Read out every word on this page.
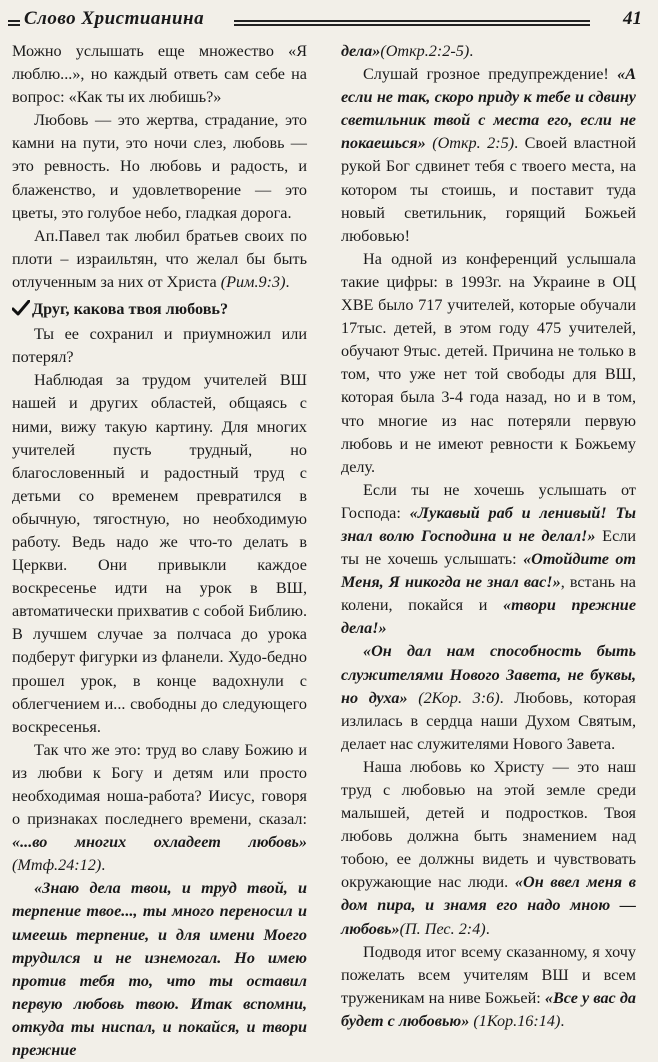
Слово Христианина	41

Можно услышать еще множество «Я люблю...», но каждый ответь сам себе на вопрос: «Как ты их любишь?»

Любовь — это жертва, страдание, это камни на пути, это ночи слез, любовь — это ревность. Но любовь и радость, и блаженство, и удовлетворение — это цветы, это голубое небо, гладкая дорога.

Ап.Павел так любил братьев своих по плоти – израильтян, что желал бы быть отлученным за них от Христа (Рим.9:3).

Друг, какова твоя любовь?

Ты ее сохранил и приумножил или потерял?

Наблюдая за трудом учителей ВШ нашей и других областей, общаясь с ними, вижу такую картину. Для многих учителей пусть трудный, но благословенный и радостный труд с детьми со временем превратился в обычную, тягостную, но необходимую работу. Ведь надо же что-то делать в Церкви. Они привыкли каждое воскресенье идти на урок в ВШ, автоматически прихватив с собой Библию. В лучшем случае за полчаса до урока подберут фигурки из фланели. Худо-бедно прошел урок, в конце вадохнули с облегчением и... свободны до следующего воскресенья.

Так что же это: труд во славу Божию и из любви к Богу и детям или просто необходимая ноша-работа? Иисус, говоря о признаках последнего времени, сказал: «...во многих охладеет любовь» (Мтф.24:12).

«Знаю дела твои, и труд твой, и терпение твое..., ты много переносил и имеешь терпение, и для имени Моего трудился и не изнемогал. Но имею против тебя то, что ты оставил первую любовь твою. Итак вспомни, откуда ты ниспал, и покайся, и твори прежние

дела»(Откр.2:2-5).

Слушай грозное предупреждение! «А если не так, скоро приду к тебе и сдвину светильник твой с места его, если не покаешься» (Откр. 2:5). Своей властной рукой Бог сдвинет тебя с твоего места, на котором ты стоишь, и поставит туда новый светильник, горящий Божьей любовью!

На одной из конференций услышала такие цифры: в 1993г. на Украине в ОЦ ХВЕ было 717 учителей, которые обучали 17тыс. детей, в этом году 475 учителей, обучают 9тыс. детей. Причина не только в том, что уже нет той свободы для ВШ, которая была 3-4 года назад, но и в том, что многие из нас потеряли первую любовь и не имеют ревности к Божьему делу.

Если ты не хочешь услышать от Господа: «Лукавый раб и ленивый! Ты знал волю Господина и не делал!» Если ты не хочешь услышать: «Отойдите от Меня, Я никогда не знал вас!», встань на колени, покайся и «твори прежние дела!»

«Он дал нам способность быть служителями Нового Завета, не буквы, но духа» (2Кор. 3:6). Любовь, которая излилась в сердца наши Духом Святым, делает нас служителями Нового Завета.

Наша любовь ко Христу — это наш труд с любовью на этой земле среди малышей, детей и подростков. Твоя любовь должна быть знамением над тобою, ее должны видеть и чувствовать окружающие нас люди. «Он ввел меня в дом пира, и знамя его надо мною — любовь»(П. Пес. 2:4).

Подводя итог всему сказанному, я хочу пожелать всем учителям ВШ и всем труженикам на ниве Божьей: «Все у вас да будет с любовью» (1Кор.16:14).
